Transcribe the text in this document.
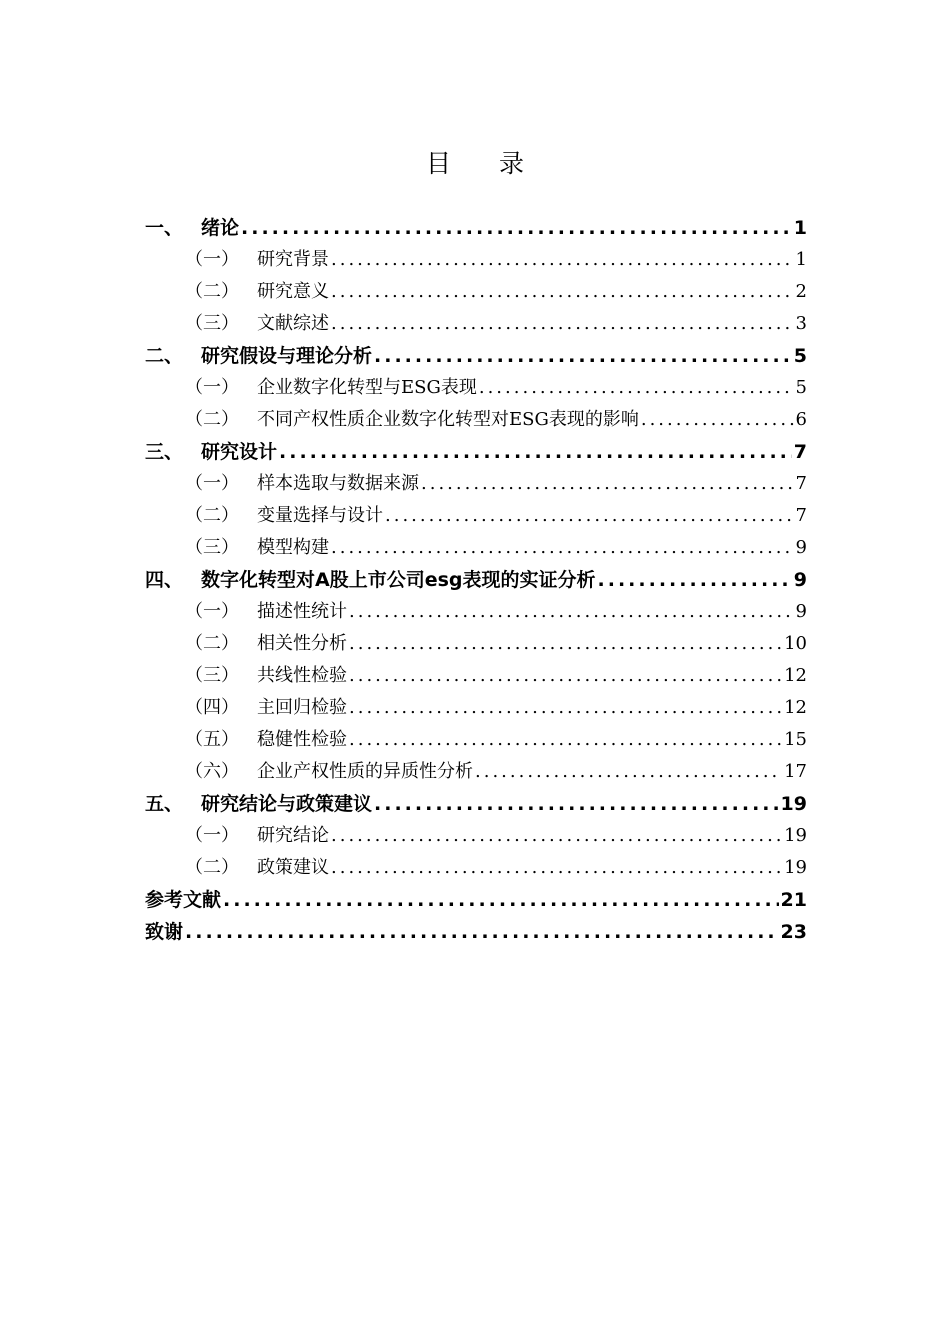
目 录
一、 绪论 .....	1
（一）	研究背景 .....	1
（二）	研究意义 .....	2
（三）	文献综述 .....	3
二、 研究假设与理论分析 .....	5
（一）	企业数字化转型与ESG表现 .....	5
（二）	不同产权性质企业数字化转型对ESG表现的影响 .....	6
三、 研究设计 .....	7
（一）	样本选取与数据来源 .....	7
（二）	变量选择与设计 .....	7
（三）	模型构建 .....	9
四、 数字化转型对A股上市公司esg表现的实证分析 .....	9
（一）	描述性统计 .....	9
（二）	相关性分析 .....	10
（三）	共线性检验 .....	12
（四）	主回归检验 .....	12
（五）	稳健性检验 .....	15
（六）	企业产权性质的异质性分析 .....	17
五、 研究结论与政策建议 .....	19
（一）	研究结论 .....	19
（二）	政策建议 .....	19
参考文献 .....	21
致谢 .....	23
